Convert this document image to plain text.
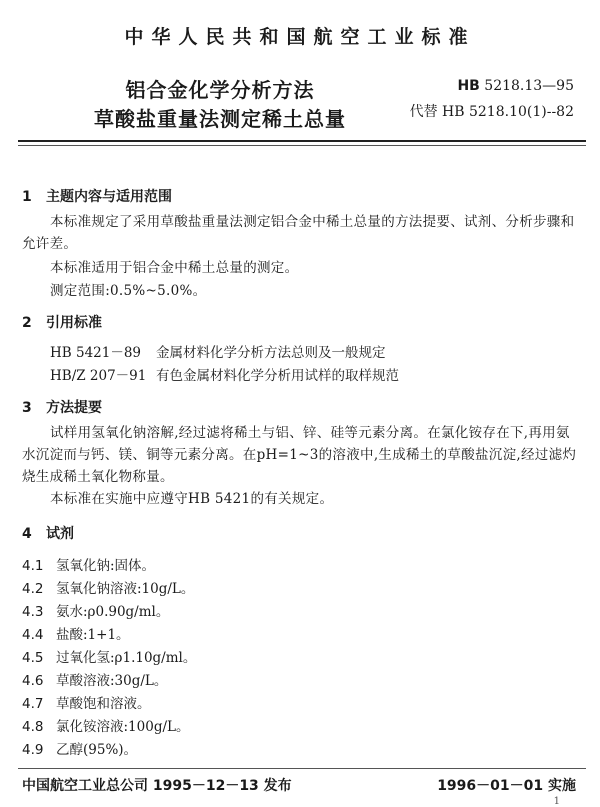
中华人民共和国航空工业标准
铝合金化学分析方法
草酸盐重量法测定稀土总量
HB 5218.13—95
代替 HB 5218.10(1)--82
1 主题内容与适用范围
本标准规定了采用草酸盐重量法测定铝合金中稀土总量的方法提要、试剂、分析步骤和允许差。
本标准适用于铝合金中稀土总量的测定。
测定范围:0.5%~5.0%。
2 引用标准
HB 5421－89 金属材料化学分析方法总则及一般规定
HB/Z 207－91 有色金属材料化学分析用试样的取样规范
3 方法提要
试样用氢氧化钠溶解,经过滤将稀土与铝、锌、硅等元素分离。在氯化铵存在下,再用氨水沉淀而与钙、镁、铜等元素分离。在pH=1~3的溶液中,生成稀土的草酸盐沉淀,经过滤灼烧生成稀土氧化物称量。
本标准在实施中应遵守HB 5421的有关规定。
4 试剂
4.1 氢氧化钠:固体。
4.2 氢氧化钠溶液:10g/L。
4.3 氨水:ρ0.90g/ml。
4.4 盐酸:1+1。
4.5 过氧化氢:ρ1.10g/ml。
4.6 草酸溶液:30g/L。
4.7 草酸饱和溶液。
4.8 氯化铵溶液:100g/L。
4.9 乙醇(95%)。
中国航空工业总公司 1995－12－13 发布	1996－01－01 实施
1
